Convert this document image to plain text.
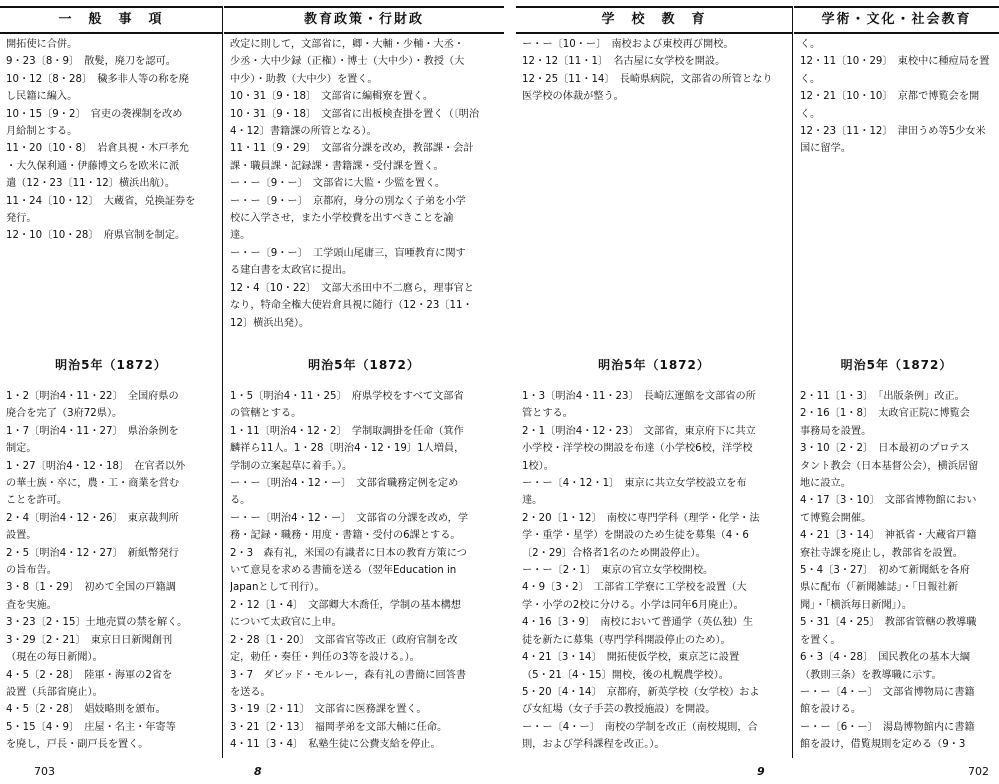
一　般　事　項
開拓使に合併。
9・23〔8・9〕　散髪，廃刀を認可。
10・12〔8・28〕　穢多非人等の称を廃
し民籍に編入。
10・15〔9・2〕　官吏の袭裸制を改め
月給制とする。
11・20〔10・8〕　岩倉具視・木戸孝允
・大久保利通・伊藤博文らを欧米に派
遣（12・23〔11・12〕横浜出航）。
11・24〔10・12〕　大蔵省，兑换証券を
発行。
12・10〔10・28〕　府県官制を制定。
明治5年（1872）
1・2〔明治4・11・22〕　全国府県の
廃合を完了（3府72県）。
1・7〔明治4・11・27〕　県治条例を
制定。
1・27〔明治4・12・18〕　在官者以外
の華士族・卒に，農・工・商業を営む
ことを許可。
2・4〔明治4・12・26〕　東京裁判所
設置。
2・5〔明治4・12・27〕　新紙幣発行
の旨布告。
3・8〔1・29〕　初めて全国の戸籍調
査を実施。
3・23〔2・15〕土地売買の禁を解く。
3・29〔2・21〕　東京日日新聞創刊
（現在の毎日新聞）。
4・5〔2・28〕　陸軍・海軍の2省を
設置（兵部省廃止）。
4・5〔2・28〕　娼妓略則を頒布。
5・15〔4・9〕　庄屋・名主・年寄等
を廃し，戸長・副戸長を置く。
教育政策・行財政
改定に則して，文部省に，卿・大輔・少輔・大丞・
少丞・大中少録（正権）・博士（大中少）・教授（大
中少）・助教（大中少）を置く。
10・31〔9・18〕　文部省に編輯寮を置く。
10・31〔9・18〕　文部省に出板検査掛を置く（〔明治
4・12〕書籍課の所管となる）。
11・11〔9・29〕　文部省分課を改め，教部課・会計
課・職員課・記録課・書籍課・受付課を置く。
ー・ー〔9・ー〕　文部省に大監・少監を置く。
ー・ー〔9・ー〕　京都府，身分の別なく子弟を小学
校に入学させ，また小学校費を出すべきことを諭
達。
ー・ー〔9・ー〕　工学頭山尾庸三，盲唖教育に関す
る建白書を太政官に提出。
12・4〔10・22〕　文部大丞田中不二麿ら，理事官と
なり，特命全権大使岩倉具視に随行（12・23〔11・
12〕横浜出発）。
明治5年（1872）
1・5〔明治4・11・25〕　府県学校をすべて文部省
の管轄とする。
1・11〔明治4・12・2〕　学制取調掛を任命（箕作
麟祥ら11人。1・28〔明治4・12・19〕1人増員，
学制の立案起草に着手。）。
ー・ー〔明治4・12・ー〕　文部省職務定例を定め
る。
ー・ー〔明治4・12・ー〕　文部省の分課を改め，学
務・記録・職務・用度・書籍・受付の6課とする。
2・3　森有礼，米国の有識者に日本の教育方策につ
いて意見を求める書簡を送る（翌年Education in
Japanとして刊行）。
2・12〔1・4〕　文部卿大木喬任，学制の基本構想
について太政官に上申。
2・28〔1・20〕　文部省官等改正（政府官制を改
定，勅任・奏任・判任の3等を設ける。）。
3・7　ダビッド・モルレー，森有礼の書簡に回答書
を送る。
3・19〔2・11〕　文部省に医務課を置く。
3・21〔2・13〕　福岡孝弟を文部大輔に任命。
4・11〔3・4〕　私塾生徒に公費支給を停止。
学　校　教　育
ー・ー〔10・ー〕　南校および東校再び開校。
12・12〔11・1〕　名古屋に女学校を開設。
12・25〔11・14〕　長崎県病院，文部省の所管となり
医学校の体裁が整う。
明治5年（1872）
1・3〔明治4・11・23〕　長崎広運館を文部省の所
管とする。
2・1〔明治4・12・23〕　文部省，東京府下に共立
小学校・洋学校の開設を布達（小学校6校，洋学校
1校）。
ー・ー〔4・12・1〕　東京に共立女学校設立を布
達。
2・20〔1・12〕　南校に専門学科（理学・化学・法
学・重学・星学）を開設のため生徒を募集（4・6
〔2・29〕合格者1名のため開設停止）。
ー・ー〔2・1〕　東京の官立女学校開校。
4・9〔3・2〕　工部省工学寮に工学校を設置（大
学・小学の2校に分ける。小学は同年6月廃止）。
4・16〔3・9〕　南校において普通学（英仏独）生
徒を新たに募集（専門学科開設停止のため）。
4・21〔3・14〕　開拓使仮学校，東京芝に設置
（5・21〔4・15〕開校，後の札幌農学校）。
5・20〔4・14〕　京都府，新英学校（女学校）およ
び女紅場（女子手芸の教授施設）を開設。
ー・ー〔4・ー〕　南校の学制を改正（南校規則，合
則，および学科課程を改正。）。
学術・文化・社会教育
く。
12・11〔10・29〕　東校中に種痘局を置
く。
12・21〔10・10〕　京都で博覧会を開
く。
12・23〔11・12〕　津田うめ等5少女米
国に留学。
明治5年（1872）
2・11〔1・3〕　「出版条例」改正。
2・16〔1・8〕　太政官正院に博覧会
事務局を設置。
3・10〔2・2〕　日本最初のプロテス
タント教会（日本基督公会），横浜居留
地に設立。
4・17〔3・10〕　文部省博物館におい
て博覧会開催。
4・21〔3・14〕　神祇省・大蔵省戸籍
寮社寺課を廃止し，教部省を設置。
5・4〔3・27〕　初めて新聞紙を各府
県に配布（「新聞雑誌」・「日報社新
聞」・「横浜毎日新聞」）。
5・31〔4・25〕　教部省管轄の教導職
を置く。
6・3〔4・28〕　国民教化の基本大綱
（教則三条）を教導職に示す。
ー・ー〔4・ー〕　文部省博物局に書籍
館を設ける。
ー・ー〔6・ー〕　湯島博物館内に書籍
館を設け，借覧規則を定める（9・3
703	8	9	702
